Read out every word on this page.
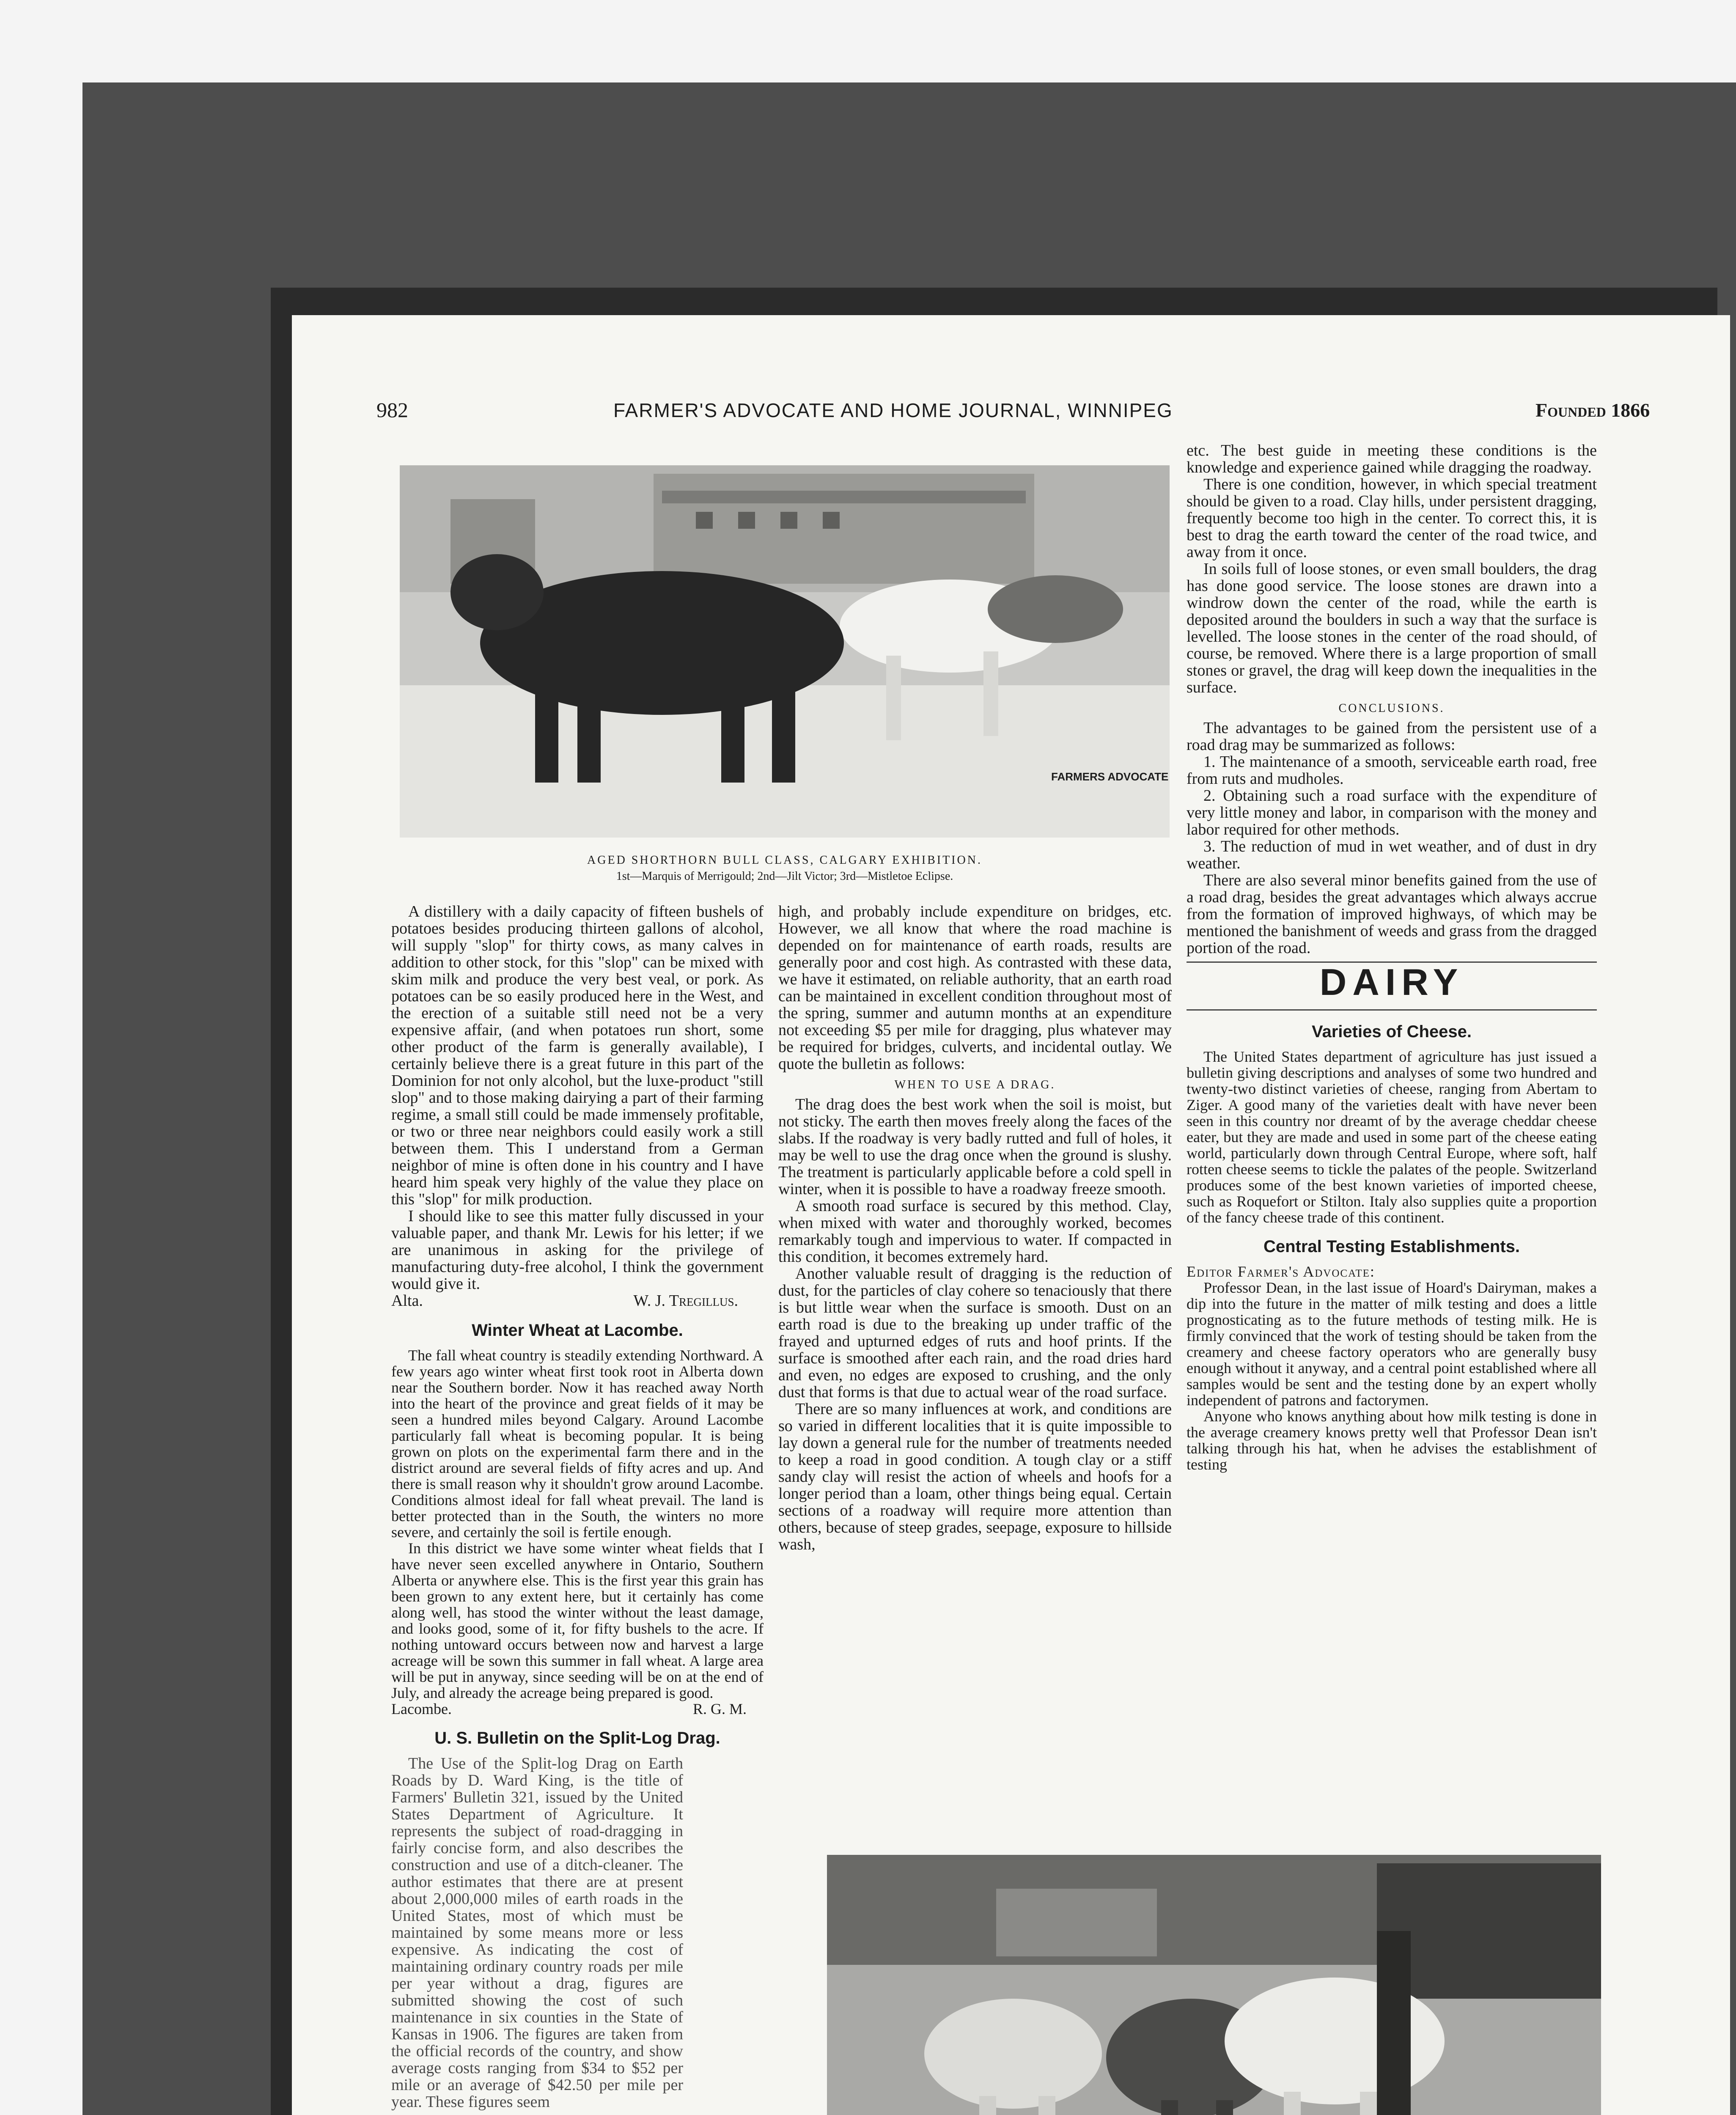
982	FARMER'S ADVOCATE AND HOME JOURNAL, WINNIPEG	Founded 1866
FARMERS ADVOCATE
AGED SHORTHORN BULL CLASS, CALGARY EXHIBITION.
1st—Marquis of Merrigould; 2nd—Jilt Victor; 3rd—Mistletoe Eclipse.

A distillery with a daily capacity of fifteen bushels of potatoes besides producing thirteen gallons of alcohol, will supply "slop" for thirty cows, as many calves in addition to other stock, for this "slop" can be mixed with skim milk and produce the very best veal, or pork. As potatoes can be so easily produced here in the West, and the erection of a suitable still need not be a very expensive affair, (and when potatoes run short, some other product of the farm is generally available), I certainly believe there is a great future in this part of the Dominion for not only alcohol, but the luxe-product "still slop" and to those making dairying a part of their farming regime, a small still could be made immensely profitable, or two or three near neighbors could easily work a still between them. This I understand from a German neighbor of mine is often done in his country and I have heard him speak very highly of the value they place on this "slop" for milk production.

I should like to see this matter fully discussed in your valuable paper, and thank Mr. Lewis for his letter; if we are unanimous in asking for the privilege of manufacturing duty-free alcohol, I think the government would give it.

Alta.	W. J. Tregillus.
Winter Wheat at Lacombe.

The fall wheat country is steadily extending Northward. A few years ago winter wheat first took root in Alberta down near the Southern border. Now it has reached away North into the heart of the province and great fields of it may be seen a hundred miles beyond Calgary. Around Lacombe particularly fall wheat is becoming popular. It is being grown on plots on the experimental farm there and in the district around are several fields of fifty acres and up. And there is small reason why it shouldn't grow around Lacombe. Conditions almost ideal for fall wheat prevail. The land is better protected than in the South, the winters no more severe, and certainly the soil is fertile enough.

In this district we have some winter wheat fields that I have never seen excelled anywhere in Ontario, Southern Alberta or anywhere else. This is the first year this grain has been grown to any extent here, but it certainly has come along well, has stood the winter without the least damage, and looks good, some of it, for fifty bushels to the acre. If nothing untoward occurs between now and harvest a large acreage will be sown this summer in fall wheat. A large area will be put in anyway, since seeding will be on at the end of July, and already the acreage being prepared is good.

Lacombe.	R. G. M.
U. S. Bulletin on the Split-Log Drag.

The Use of the Split-log Drag on Earth Roads by D. Ward King, is the title of Farmers' Bulletin 321, issued by the United States Department of Agriculture. It represents the subject of road-dragging in fairly concise form, and also describes the construction and use of a ditch-cleaner. The author estimates that there are at present about 2,000,000 miles of earth roads in the United States, most of which must be maintained by some means more or less expensive. As indicating the cost of maintaining ordinary country roads per mile per year without a drag, figures are submitted showing the cost of such maintenance in six counties in the State of Kansas in 1906. The figures are taken from the official records of the country, and show average costs ranging from $34 to $52 per mile or an average of $42.50 per mile per year. These figures seem

high, and probably include expenditure on bridges, etc. However, we all know that where the road machine is depended on for maintenance of earth roads, results are generally poor and cost high. As contrasted with these data, we have it estimated, on reliable authority, that an earth road can be maintained in excellent condition throughout most of the spring, summer and autumn months at an expenditure not exceeding $5 per mile for dragging, plus whatever may be required for bridges, culverts, and incidental outlay. We quote the bulletin as follows:

WHEN TO USE A DRAG.

The drag does the best work when the soil is moist, but not sticky. The earth then moves freely along the faces of the slabs. If the roadway is very badly rutted and full of holes, it may be well to use the drag once when the ground is slushy. The treatment is particularly applicable before a cold spell in winter, when it is possible to have a roadway freeze smooth.

A smooth road surface is secured by this method. Clay, when mixed with water and thoroughly worked, becomes remarkably tough and impervious to water. If compacted in this condition, it becomes extremely hard.

Another valuable result of dragging is the reduction of dust, for the particles of clay cohere so tenaciously that there is but little wear when the surface is smooth. Dust on an earth road is due to the breaking up under traffic of the frayed and upturned edges of ruts and hoof prints. If the surface is smoothed after each rain, and the road dries hard and even, no edges are exposed to crushing, and the only dust that forms is that due to actual wear of the road surface.

There are so many influences at work, and conditions are so varied in different localities that it is quite impossible to lay down a general rule for the number of treatments needed to keep a road in good condition. A tough clay or a stiff sandy clay will resist the action of wheels and hoofs for a longer period than a loam, other things being equal. Certain sections of a roadway will require more attention than others, because of steep grades, seepage, exposure to hillside wash,

etc. The best guide in meeting these conditions is the knowledge and experience gained while dragging the roadway.

There is one condition, however, in which special treatment should be given to a road. Clay hills, under persistent dragging, frequently become too high in the center. To correct this, it is best to drag the earth toward the center of the road twice, and away from it once.

In soils full of loose stones, or even small boulders, the drag has done good service. The loose stones are drawn into a windrow down the center of the road, while the earth is deposited around the boulders in such a way that the surface is levelled. The loose stones in the center of the road should, of course, be removed. Where there is a large proportion of small stones or gravel, the drag will keep down the inequalities in the surface.

CONCLUSIONS.

The advantages to be gained from the persistent use of a road drag may be summarized as follows:

1. The maintenance of a smooth, serviceable earth road, free from ruts and mudholes.

2. Obtaining such a road surface with the expenditure of very little money and labor, in comparison with the money and labor required for other methods.

3. The reduction of mud in wet weather, and of dust in dry weather.

There are also several minor benefits gained from the use of a road drag, besides the great advantages which always accrue from the formation of improved highways, of which may be mentioned the banishment of weeds and grass from the dragged portion of the road.

DAIRY
Varieties of Cheese.

The United States department of agriculture has just issued a bulletin giving descriptions and analyses of some two hundred and twenty-two distinct varieties of cheese, ranging from Abertam to Ziger. A good many of the varieties dealt with have never been seen in this country nor dreamt of by the average cheddar cheese eater, but they are made and used in some part of the cheese eating world, particularly down through Central Europe, where soft, half rotten cheese seems to tickle the palates of the people. Switzerland produces some of the best known varieties of imported cheese, such as Roquefort or Stilton. Italy also supplies quite a proportion of the fancy cheese trade of this continent.

Central Testing Establishments.

Editor Farmer's Advocate:

Professor Dean, in the last issue of Hoard's Dairyman, makes a dip into the future in the matter of milk testing and does a little prognosticating as to the future methods of testing milk. He is firmly convinced that the work of testing should be taken from the creamery and cheese factory operators who are generally busy enough without it anyway, and a central point established where all samples would be sent and the testing done by an expert wholly independent of patrons and factorymen.

Anyone who knows anything about how milk testing is done in the average creamery knows pretty well that Professor Dean isn't talking through his hat, when he advises the establishment of testing
